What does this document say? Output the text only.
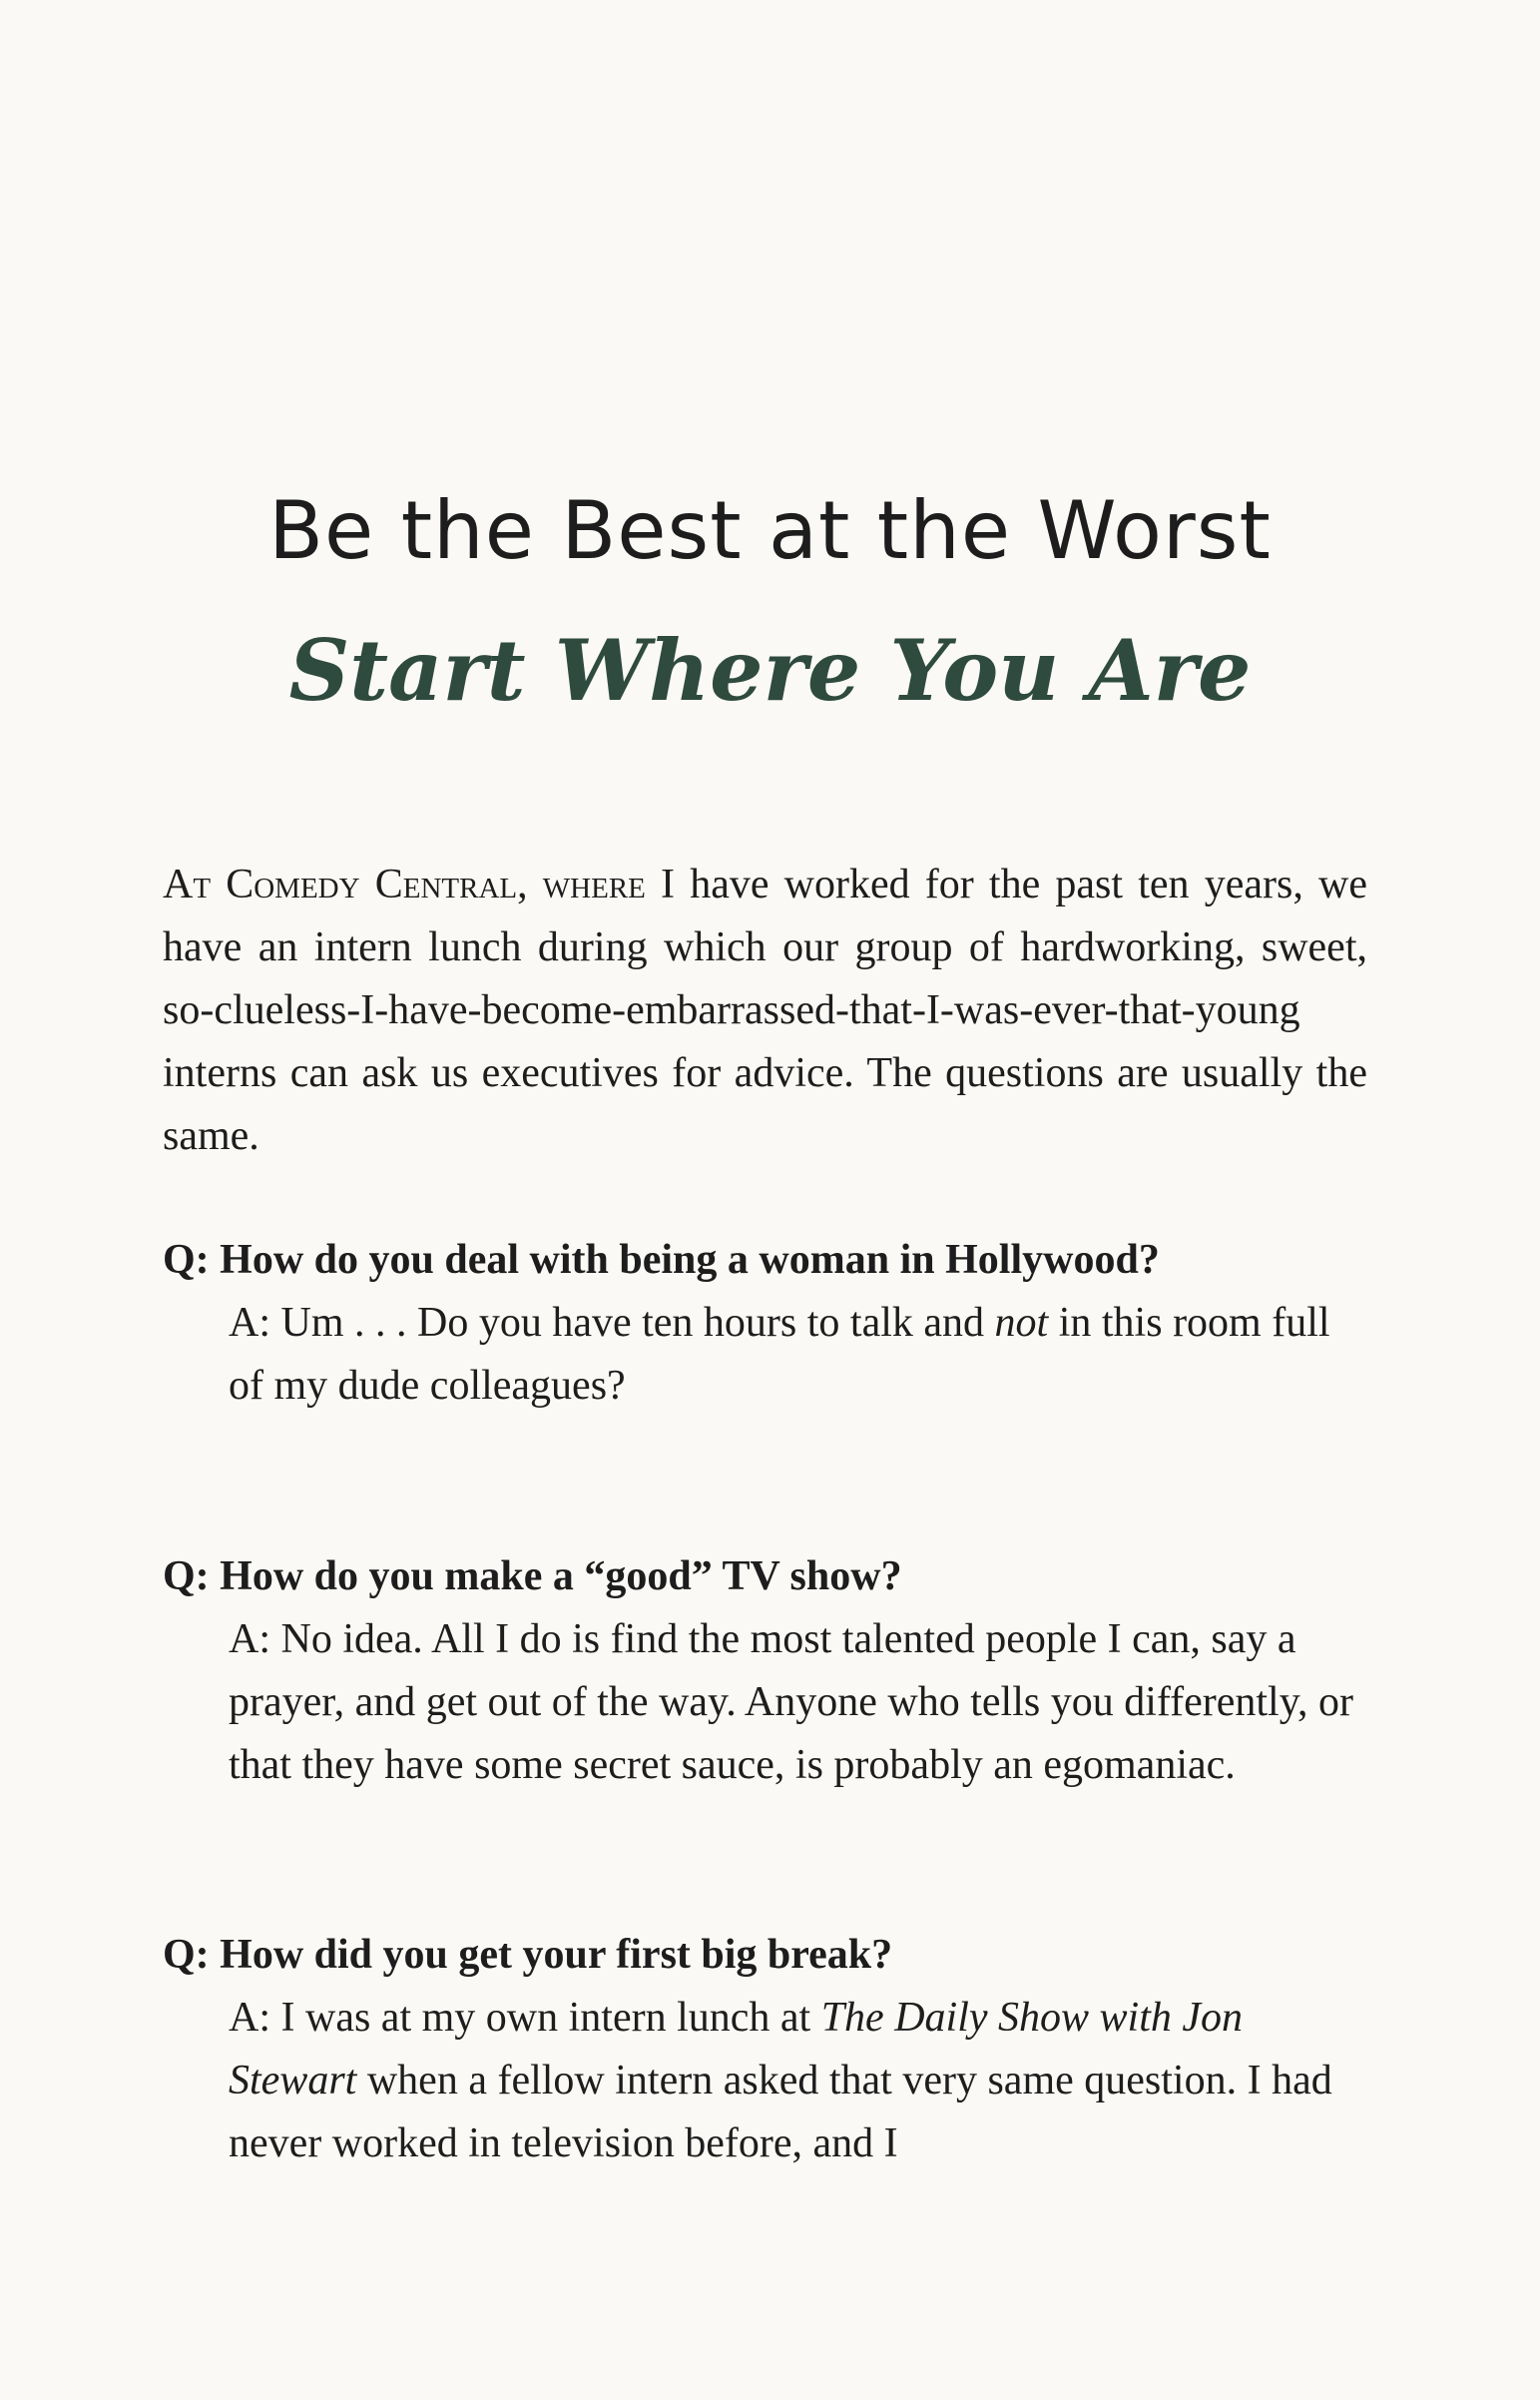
Be the Best at the Worst
Start Where You Are

At Comedy Central, where I have worked for the past ten years, we have an intern lunch during which our group of hardworking, sweet, so-clueless-I-have-become-embarrassed-that-I-was-ever-that-young interns can ask us executives for advice. The questions are usually the same.

Q: How do you deal with being a woman in Hollywood?

A: Um . . . Do you have ten hours to talk and not in this room full of my dude colleagues?

Q: How do you make a “good” TV show?

A: No idea. All I do is find the most talented people I can, say a prayer, and get out of the way. Anyone who tells you differently, or that they have some secret sauce, is probably an egomaniac.

Q: How did you get your first big break?

A: I was at my own intern lunch at The Daily Show with Jon Stewart when a fellow intern asked that very same question. I had never worked in television before, and I
